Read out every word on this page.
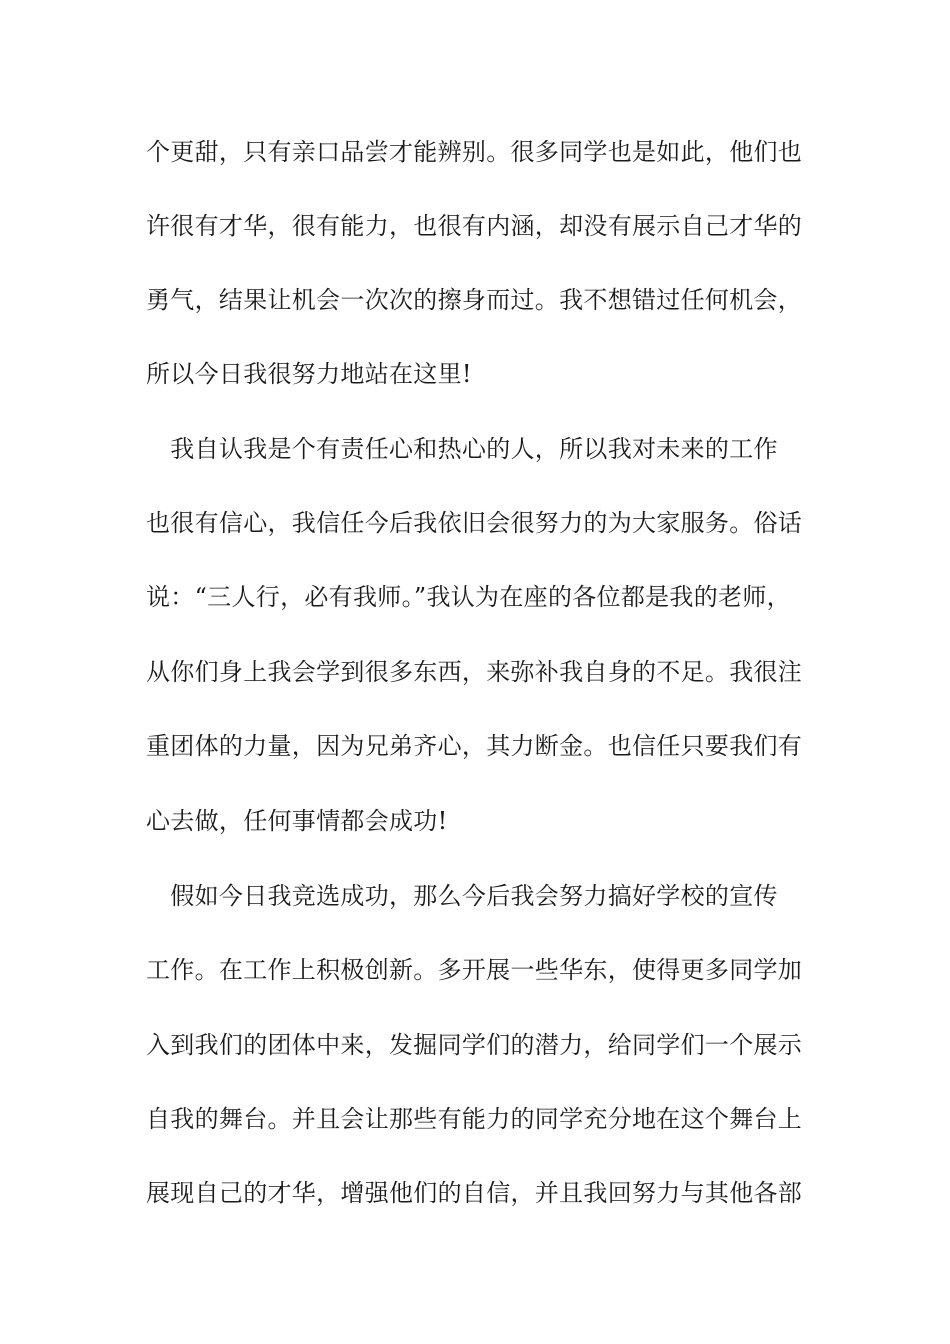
个更甜，只有亲口品尝才能辨别。很多同学也是如此，他们也
许很有才华，很有能力，也很有内涵，却没有展示自己才华的
勇气，结果让机会一次次的擦身而过。我不想错过任何机会，
所以今日我很努力地站在这里!
　我自认我是个有责任心和热心的人，所以我对未来的工作
也很有信心，我信任今后我依旧会很努力的为大家服务。俗话
说：“三人行，必有我师。”我认为在座的各位都是我的老师，
从你们身上我会学到很多东西，来弥补我自身的不足。我很注
重团体的力量，因为兄弟齐心，其力断金。也信任只要我们有
心去做，任何事情都会成功!
　假如今日我竞选成功，那么今后我会努力搞好学校的宣传
工作。在工作上积极创新。多开展一些华东，使得更多同学加
入到我们的团体中来，发掘同学们的潜力，给同学们一个展示
自我的舞台。并且会让那些有能力的同学充分地在这个舞台上
展现自己的才华，增强他们的自信，并且我回努力与其他各部
